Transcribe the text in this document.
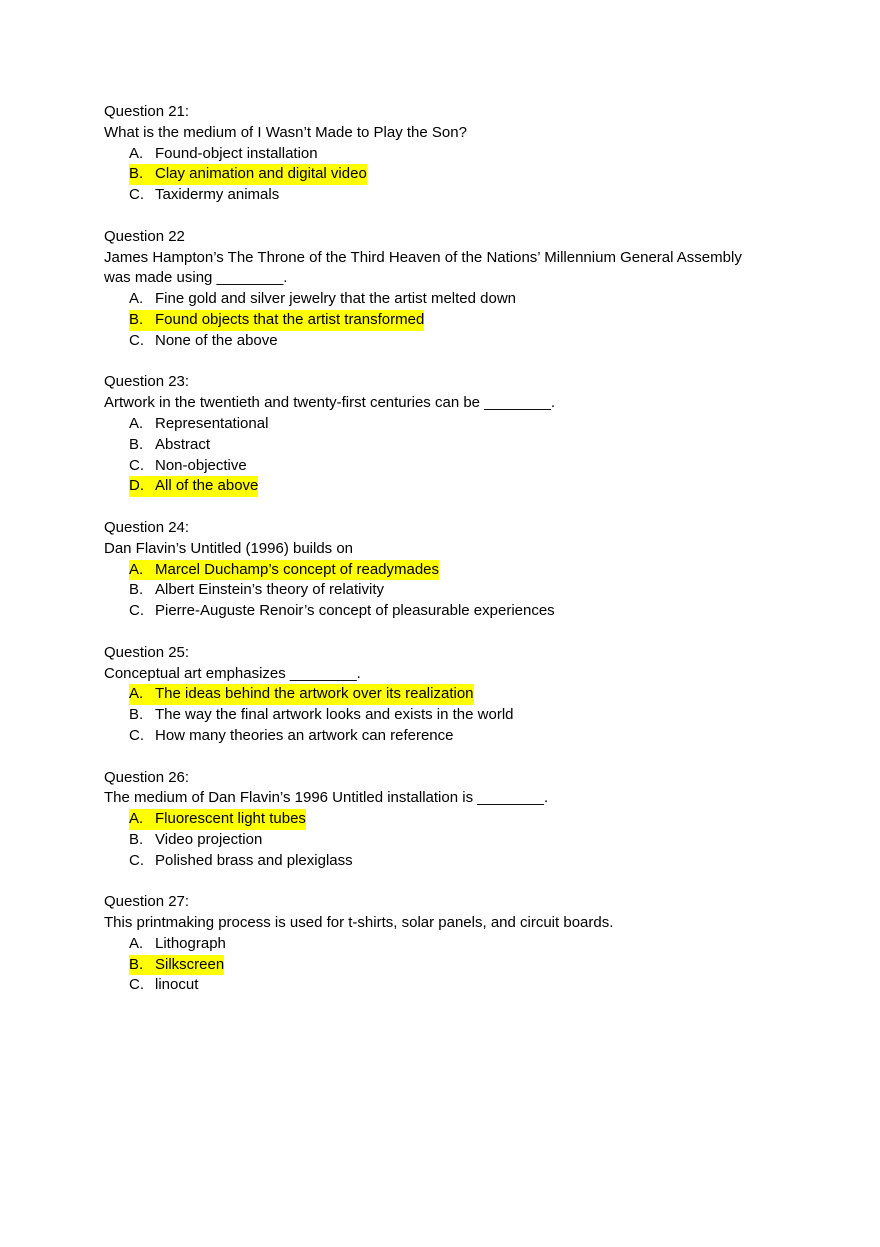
Question 21:
What is the medium of I Wasn’t Made to Play the Son?
A. Found-object installation
B. Clay animation and digital video
C. Taxidermy animals
Question 22
James Hampton’s The Throne of the Third Heaven of the Nations’ Millennium General Assembly was made using ________.
A. Fine gold and silver jewelry that the artist melted down
B. Found objects that the artist transformed
C. None of the above
Question 23:
Artwork in the twentieth and twenty-first centuries can be ________.
A. Representational
B. Abstract
C. Non-objective
D. All of the above
Question 24:
Dan Flavin’s Untitled (1996) builds on
A. Marcel Duchamp’s concept of readymades
B. Albert Einstein’s theory of relativity
C. Pierre-Auguste Renoir’s concept of pleasurable experiences
Question 25:
Conceptual art emphasizes ________.
A. The ideas behind the artwork over its realization
B. The way the final artwork looks and exists in the world
C. How many theories an artwork can reference
Question 26:
The medium of Dan Flavin’s 1996 Untitled installation is ________.
A. Fluorescent light tubes
B. Video projection
C. Polished brass and plexiglass
Question 27:
This printmaking process is used for t-shirts, solar panels, and circuit boards.
A. Lithograph
B. Silkscreen
C. linocut
